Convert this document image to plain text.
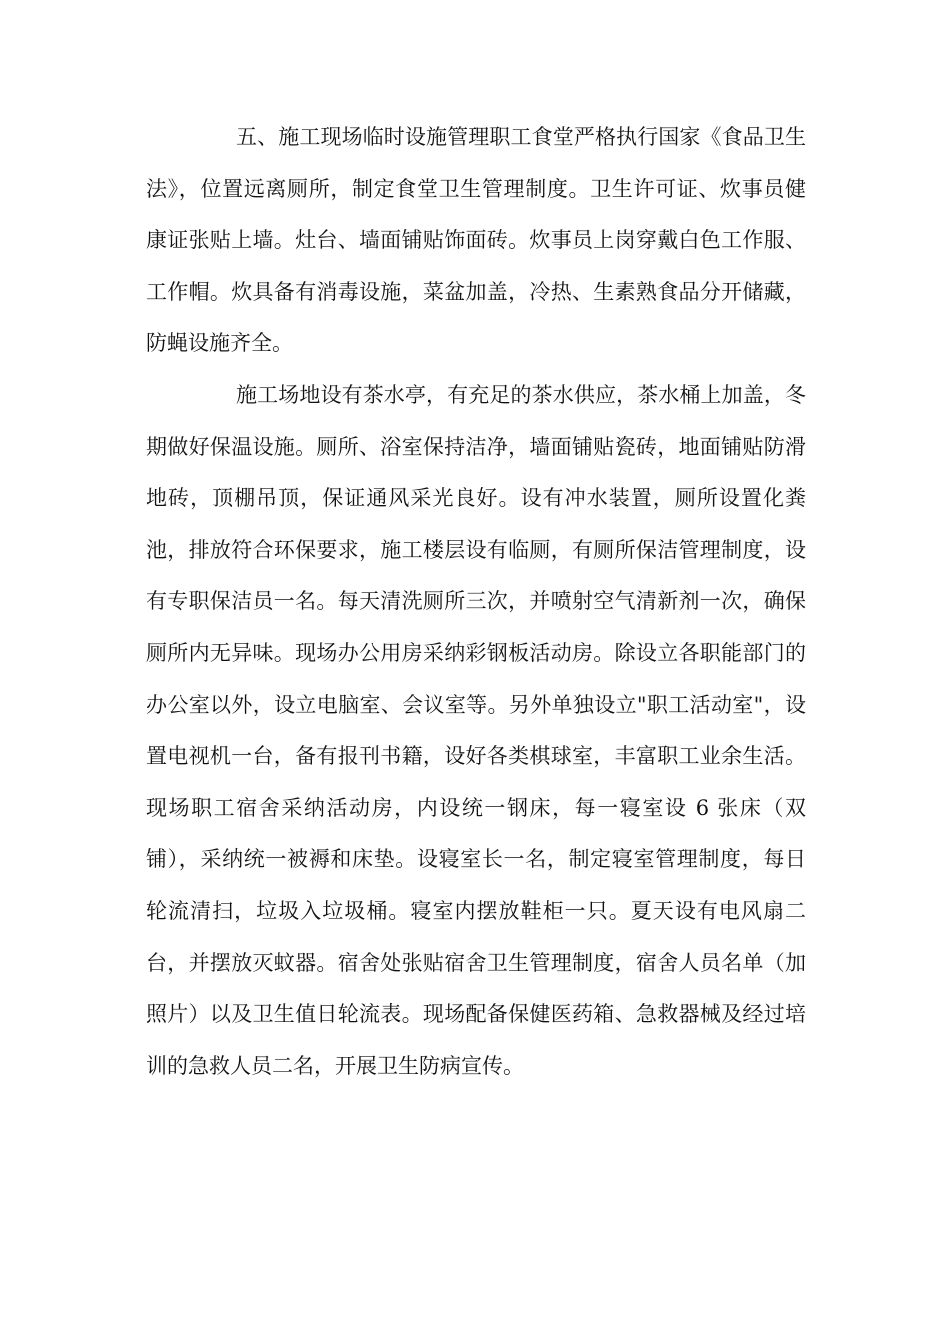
五、施工现场临时设施管理职工食堂严格执行国家《食品卫生法》，位置远离厕所，制定食堂卫生管理制度。卫生许可证、炊事员健康证张贴上墙。灶台、墙面铺贴饰面砖。炊事员上岗穿戴白色工作服、工作帽。炊具备有消毒设施，菜盆加盖，冷热、生素熟食品分开储藏，防蝇设施齐全。

施工场地设有茶水亭，有充足的茶水供应，茶水桶上加盖，冬期做好保温设施。厕所、浴室保持洁净，墙面铺贴瓷砖，地面铺贴防滑地砖，顶棚吊顶，保证通风采光良好。设有冲水装置，厕所设置化粪池，排放符合环保要求，施工楼层设有临厕，有厕所保洁管理制度，设有专职保洁员一名。每天清洗厕所三次，并喷射空气清新剂一次，确保厕所内无异味。现场办公用房采纳彩钢板活动房。除设立各职能部门的办公室以外，设立电脑室、会议室等。另外单独设立"职工活动室"，设置电视机一台，备有报刊书籍，设好各类棋球室，丰富职工业余生活。现场职工宿舍采纳活动房，内设统一钢床，每一寝室设 6 张床（双铺），采纳统一被褥和床垫。设寝室长一名，制定寝室管理制度，每日轮流清扫，垃圾入垃圾桶。寝室内摆放鞋柜一只。夏天设有电风扇二台，并摆放灭蚊器。宿舍处张贴宿舍卫生管理制度，宿舍人员名单（加照片）以及卫生值日轮流表。现场配备保健医药箱、急救器械及经过培训的急救人员二名，开展卫生防病宣传。
